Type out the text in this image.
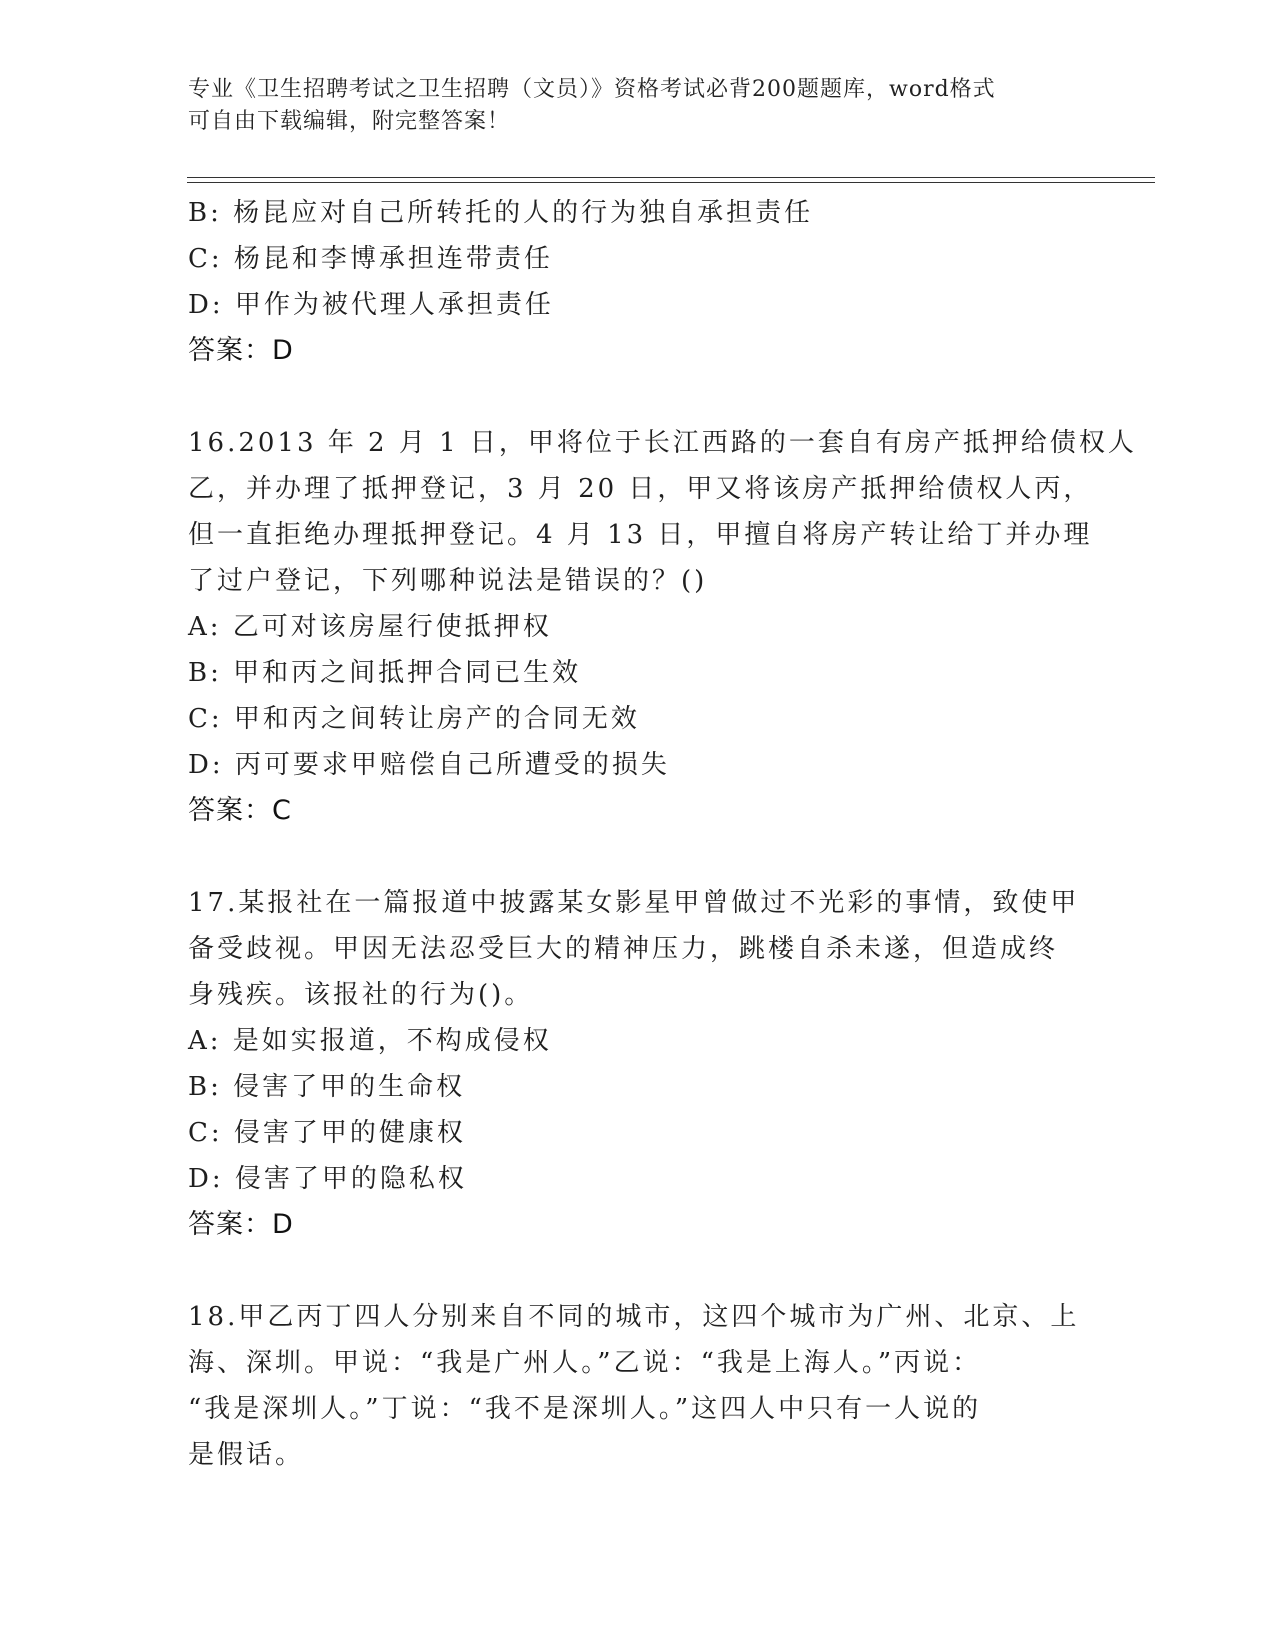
专业《卫生招聘考试之卫生招聘（文员）》资格考试必背200题题库，word格式
可自由下载编辑，附完整答案！
B: 杨昆应对自己所转托的人的行为独自承担责任
C: 杨昆和李博承担连带责任
D: 甲作为被代理人承担责任
答案：D
16.2013 年 2 月 1 日，甲将位于长江西路的一套自有房产抵押给债权人
乙，并办理了抵押登记，3 月 20 日，甲又将该房产抵押给债权人丙，
但一直拒绝办理抵押登记。4 月 13 日，甲擅自将房产转让给丁并办理
了过户登记，下列哪种说法是错误的？()
A: 乙可对该房屋行使抵押权
B: 甲和丙之间抵押合同已生效
C: 甲和丙之间转让房产的合同无效
D: 丙可要求甲赔偿自己所遭受的损失
答案：C
17.某报社在一篇报道中披露某女影星甲曾做过不光彩的事情，致使甲
备受歧视。甲因无法忍受巨大的精神压力，跳楼自杀未遂，但造成终
身残疾。该报社的行为()。
A: 是如实报道，不构成侵权
B: 侵害了甲的生命权
C: 侵害了甲的健康权
D: 侵害了甲的隐私权
答案：D
18.甲乙丙丁四人分别来自不同的城市，这四个城市为广州、北京、上
海、深圳。甲说：“我是广州人。”乙说：“我是上海人。”丙说：
“我是深圳人。”丁说：“我不是深圳人。”这四人中只有一人说的
是假话。
